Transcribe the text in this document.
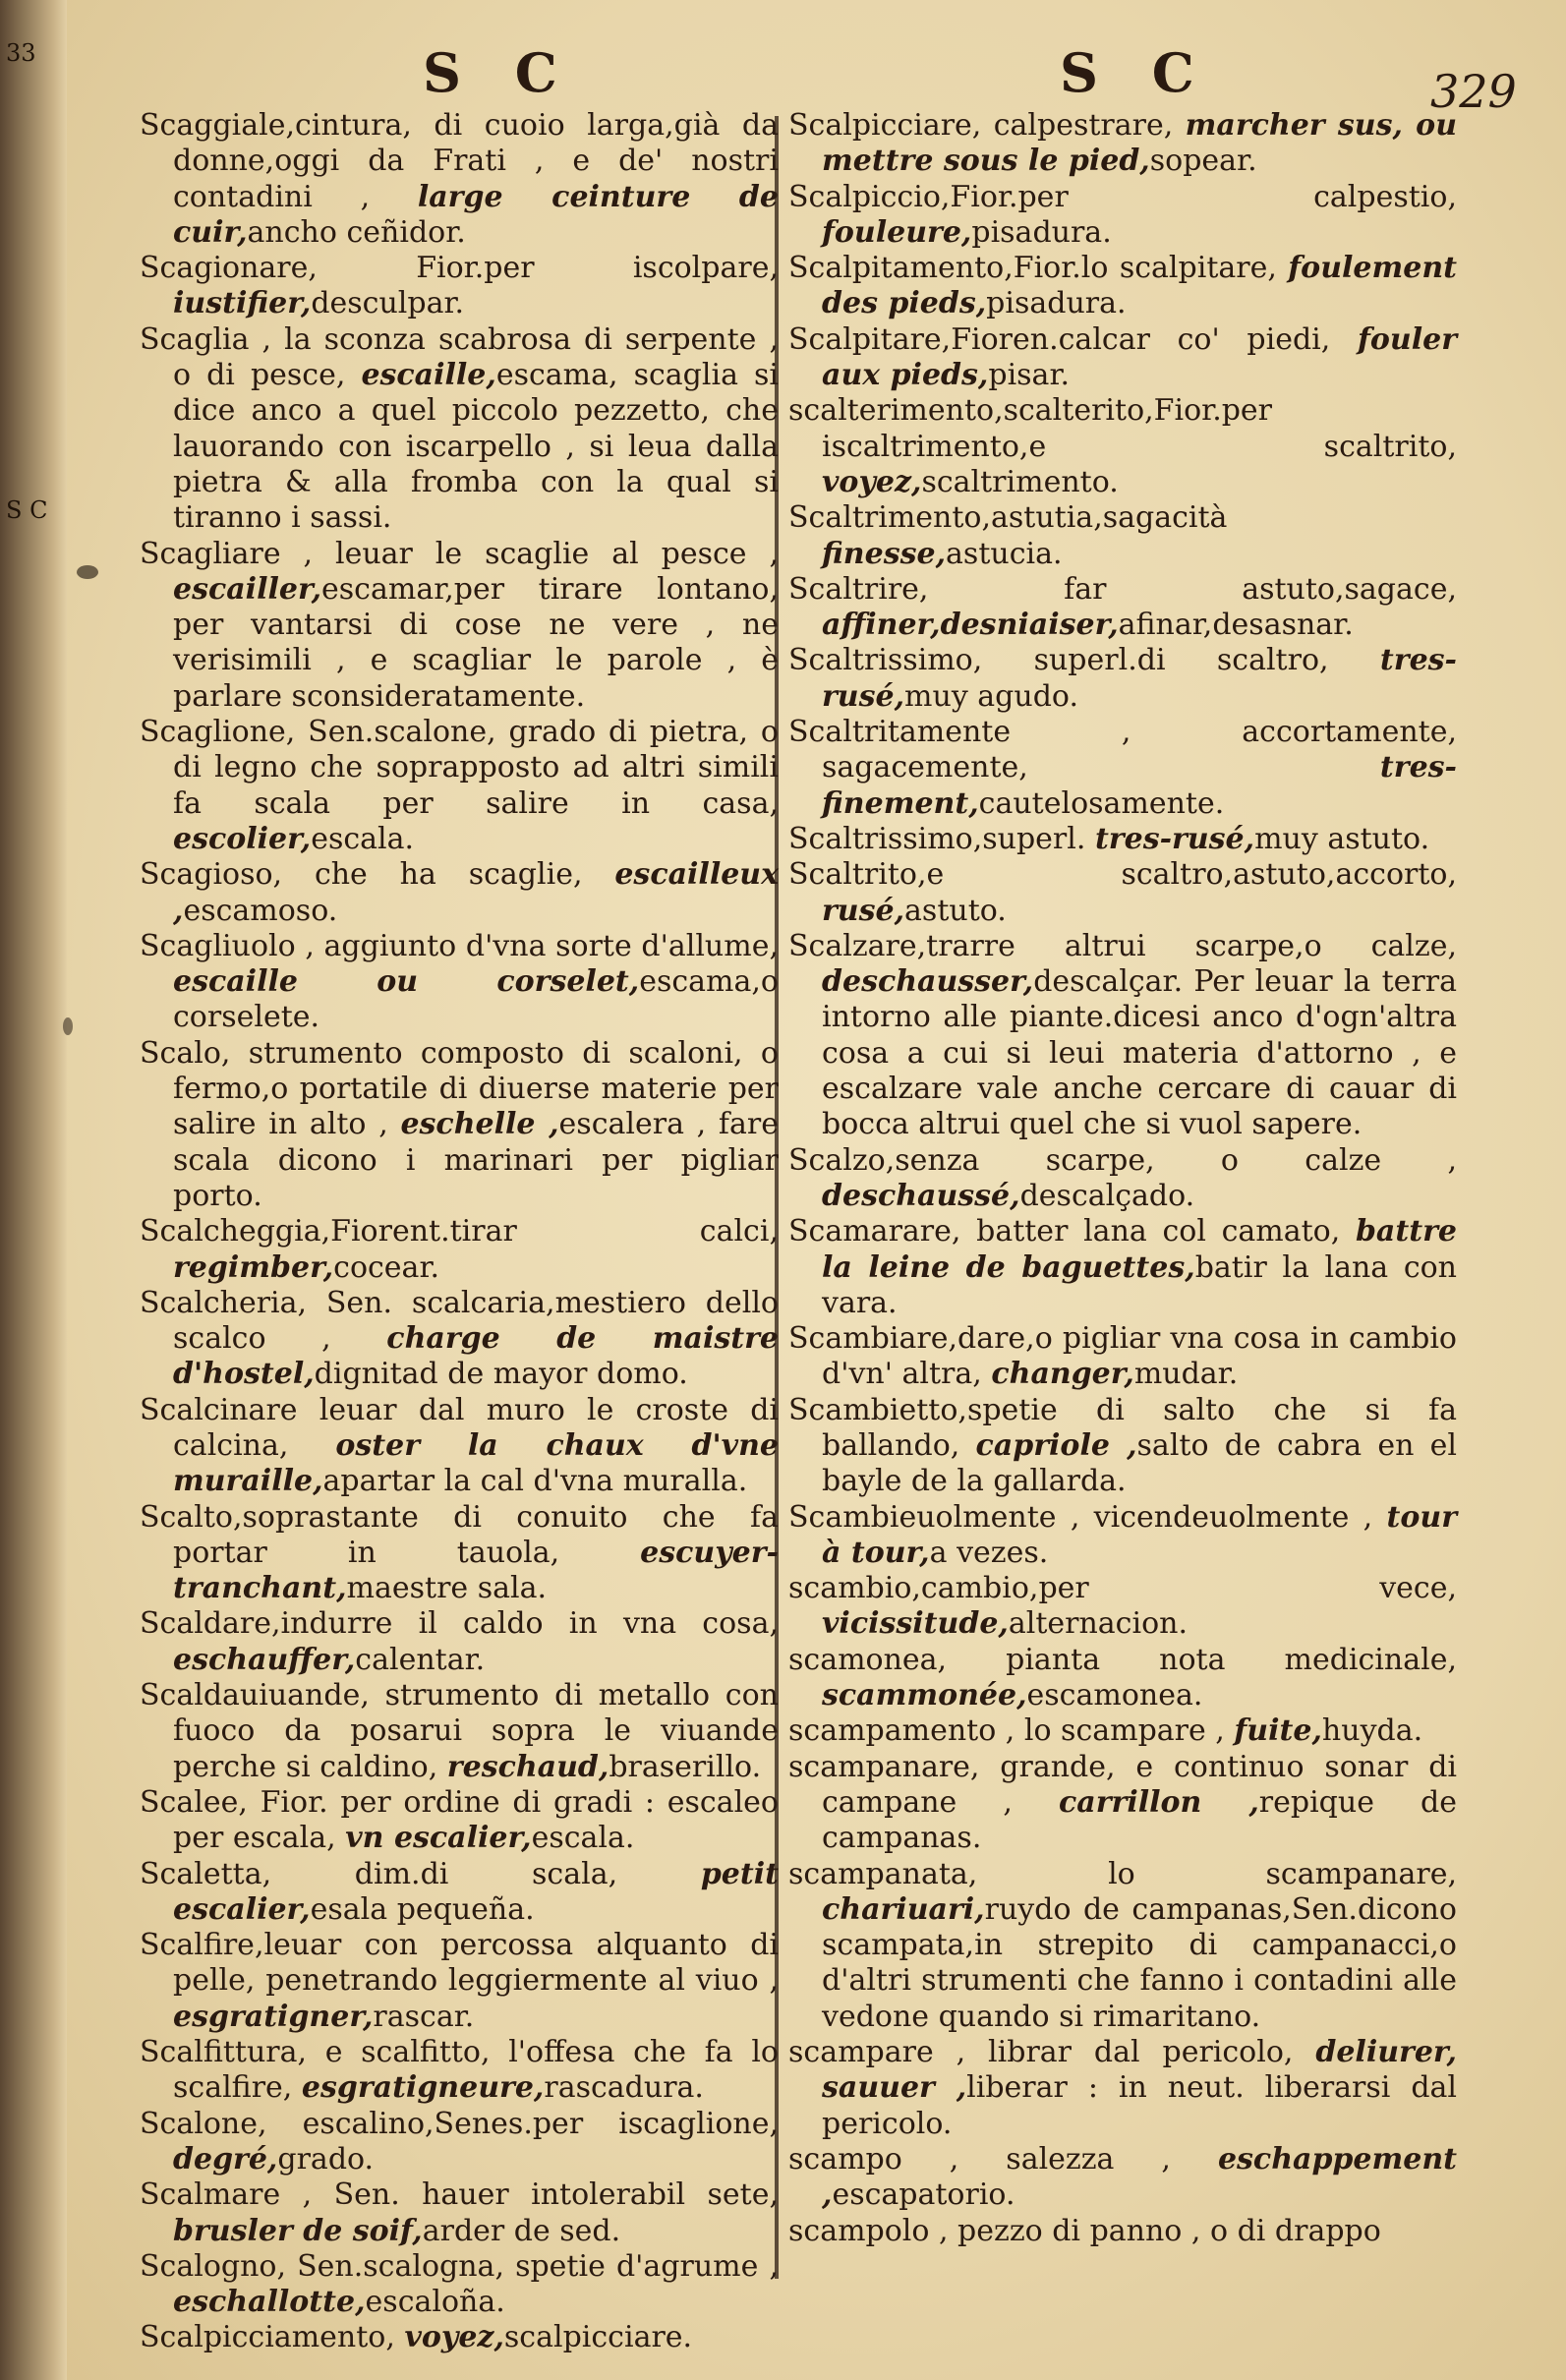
33
S C
S C	S C	329
Scaggiale,cintura, di cuoio larga,già da donne,oggi da Frati , e de' nostri contadini , large ceinture de cuir,ancho ceñidor.
Scagionare, Fior.per iscolpare, iustifier,desculpar.
Scaglia , la sconza scabrosa di serpente , o di pesce, escaille,escama, scaglia si dice anco a quel piccolo pezzetto, che lauorando con iscarpello , si leua dalla pietra & alla fromba con la qual si tiranno i sassi.
Scagliare , leuar le scaglie al pesce , escailler,escamar,per tirare lontano, per vantarsi di cose ne vere , ne verisimili , e scagliar le parole , è parlare sconsideratamente.
Scaglione, Sen.scalone, grado di pietra, o di legno che soprapposto ad altri simili fa scala per salire in casa, escolier,escala.
Scagioso, che ha scaglie, escailleux ,escamoso.
Scagliuolo , aggiunto d'vna sorte d'allume, escaille ou corselet,escama,o corselete.
Scalo, strumento composto di scaloni, o fermo,o portatile di diuerse materie per salire in alto , eschelle ,escalera , fare scala dicono i marinari per pigliar porto.
Scalcheggia,Fiorent.tirar calci, regimber,cocear.
Scalcheria, Sen. scalcaria,mestiero dello scalco , charge de maistre d'hostel,dignitad de mayor domo.
Scalcinare leuar dal muro le croste di calcina, oster la chaux d'vne muraille,apartar la cal d'vna muralla.
Scalto,soprastante di conuito che fa portar in tauola,	escuyer- tranchant,maestre sala.
Scaldare,indurre il caldo in vna cosa, eschauffer,calentar.
Scaldauiuande, strumento di metallo con fuoco da posarui sopra le viuande perche si caldino, reschaud,braserillo.
Scalee, Fior. per ordine di gradi : escaleo per escala, vn escalier,escala.
Scaletta, dim.di scala,	petit escalier,esala pequeña.
Scalfire,leuar con percossa alquanto di pelle, penetrando leggiermente al viuo , esgratigner,rascar.
Scalfittura, e scalfitto, l'offesa che fa lo scalfire, esgratigneure,rascadura.
Scalone, escalino,Senes.per iscaglione, degré,grado.
Scalmare , Sen. hauer intolerabil sete, brusler de soif,arder de sed.
Scalogno, Sen.scalogna, spetie d'agrume , eschallotte,escaloña.
Scalpicciamento, voyez,scalpicciare.
Scalpicciare, calpestrare, marcher sus, ou mettre sous le pied,sopear.
Scalpiccio,Fior.per calpestio, fouleure,pisadura.
Scalpitamento,Fior.lo scalpitare, foulement des pieds,pisadura.
Scalpitare,Fioren.calcar co' piedi, fouler aux pieds,pisar.
scalterimento,scalterito,Fior.per iscaltrimento,e scaltrito, voyez,scaltrimento.
Scaltrimento,astutia,sagacità finesse,astucia.
Scaltrire, far astuto,sagace, affiner,desniaiser,afinar,desasnar.
Scaltrissimo, superl.di scaltro, tres-rusé,muy agudo.
Scaltritamente , accortamente, sagacemente,	tres-finement,cautelosamente.
Scaltrissimo,superl. tres-rusé,muy astuto.
Scaltrito,e scaltro,astuto,accorto, rusé,astuto.
Scalzare,trarre altrui scarpe,o calze, deschausser,descalçar. Per leuar la terra intorno alle piante.dicesi anco d'ogn'altra cosa a cui si leui materia d'attorno , e escalzare vale anche cercare di cauar di bocca altrui quel che si vuol sapere.
Scalzo,senza scarpe, o calze , deschaussé,descalçado.
Scamarare, batter lana col camato, battre la leine de baguettes,batir la lana con vara.
Scambiare,dare,o pigliar vna cosa in cambio d'vn' altra, changer,mudar.
Scambietto,spetie di salto che si fa ballando, capriole ,salto de cabra en el bayle de la gallarda.
Scambieuolmente , vicendeuolmente , tour à tour,a vezes.
scambio,cambio,per vece, vicissitude,alternacion.
scamonea, pianta nota medicinale, scammonée,escamonea.
scampamento , lo scampare , fuite,huyda.
scampanare, grande, e continuo sonar di campane , carrillon ,repique de campanas.
scampanata, lo scampanare, chariuari,ruydo de campanas,Sen.dicono scampata,in strepito di campanacci,o d'altri strumenti che fanno i contadini alle vedone quando si rimaritano.
scampare , librar dal pericolo, deliurer, sauuer ,liberar : in neut. liberarsi dal pericolo.
scampo , salezza , eschappement ,escapatorio.
scampolo , pezzo di panno , o di drappo
